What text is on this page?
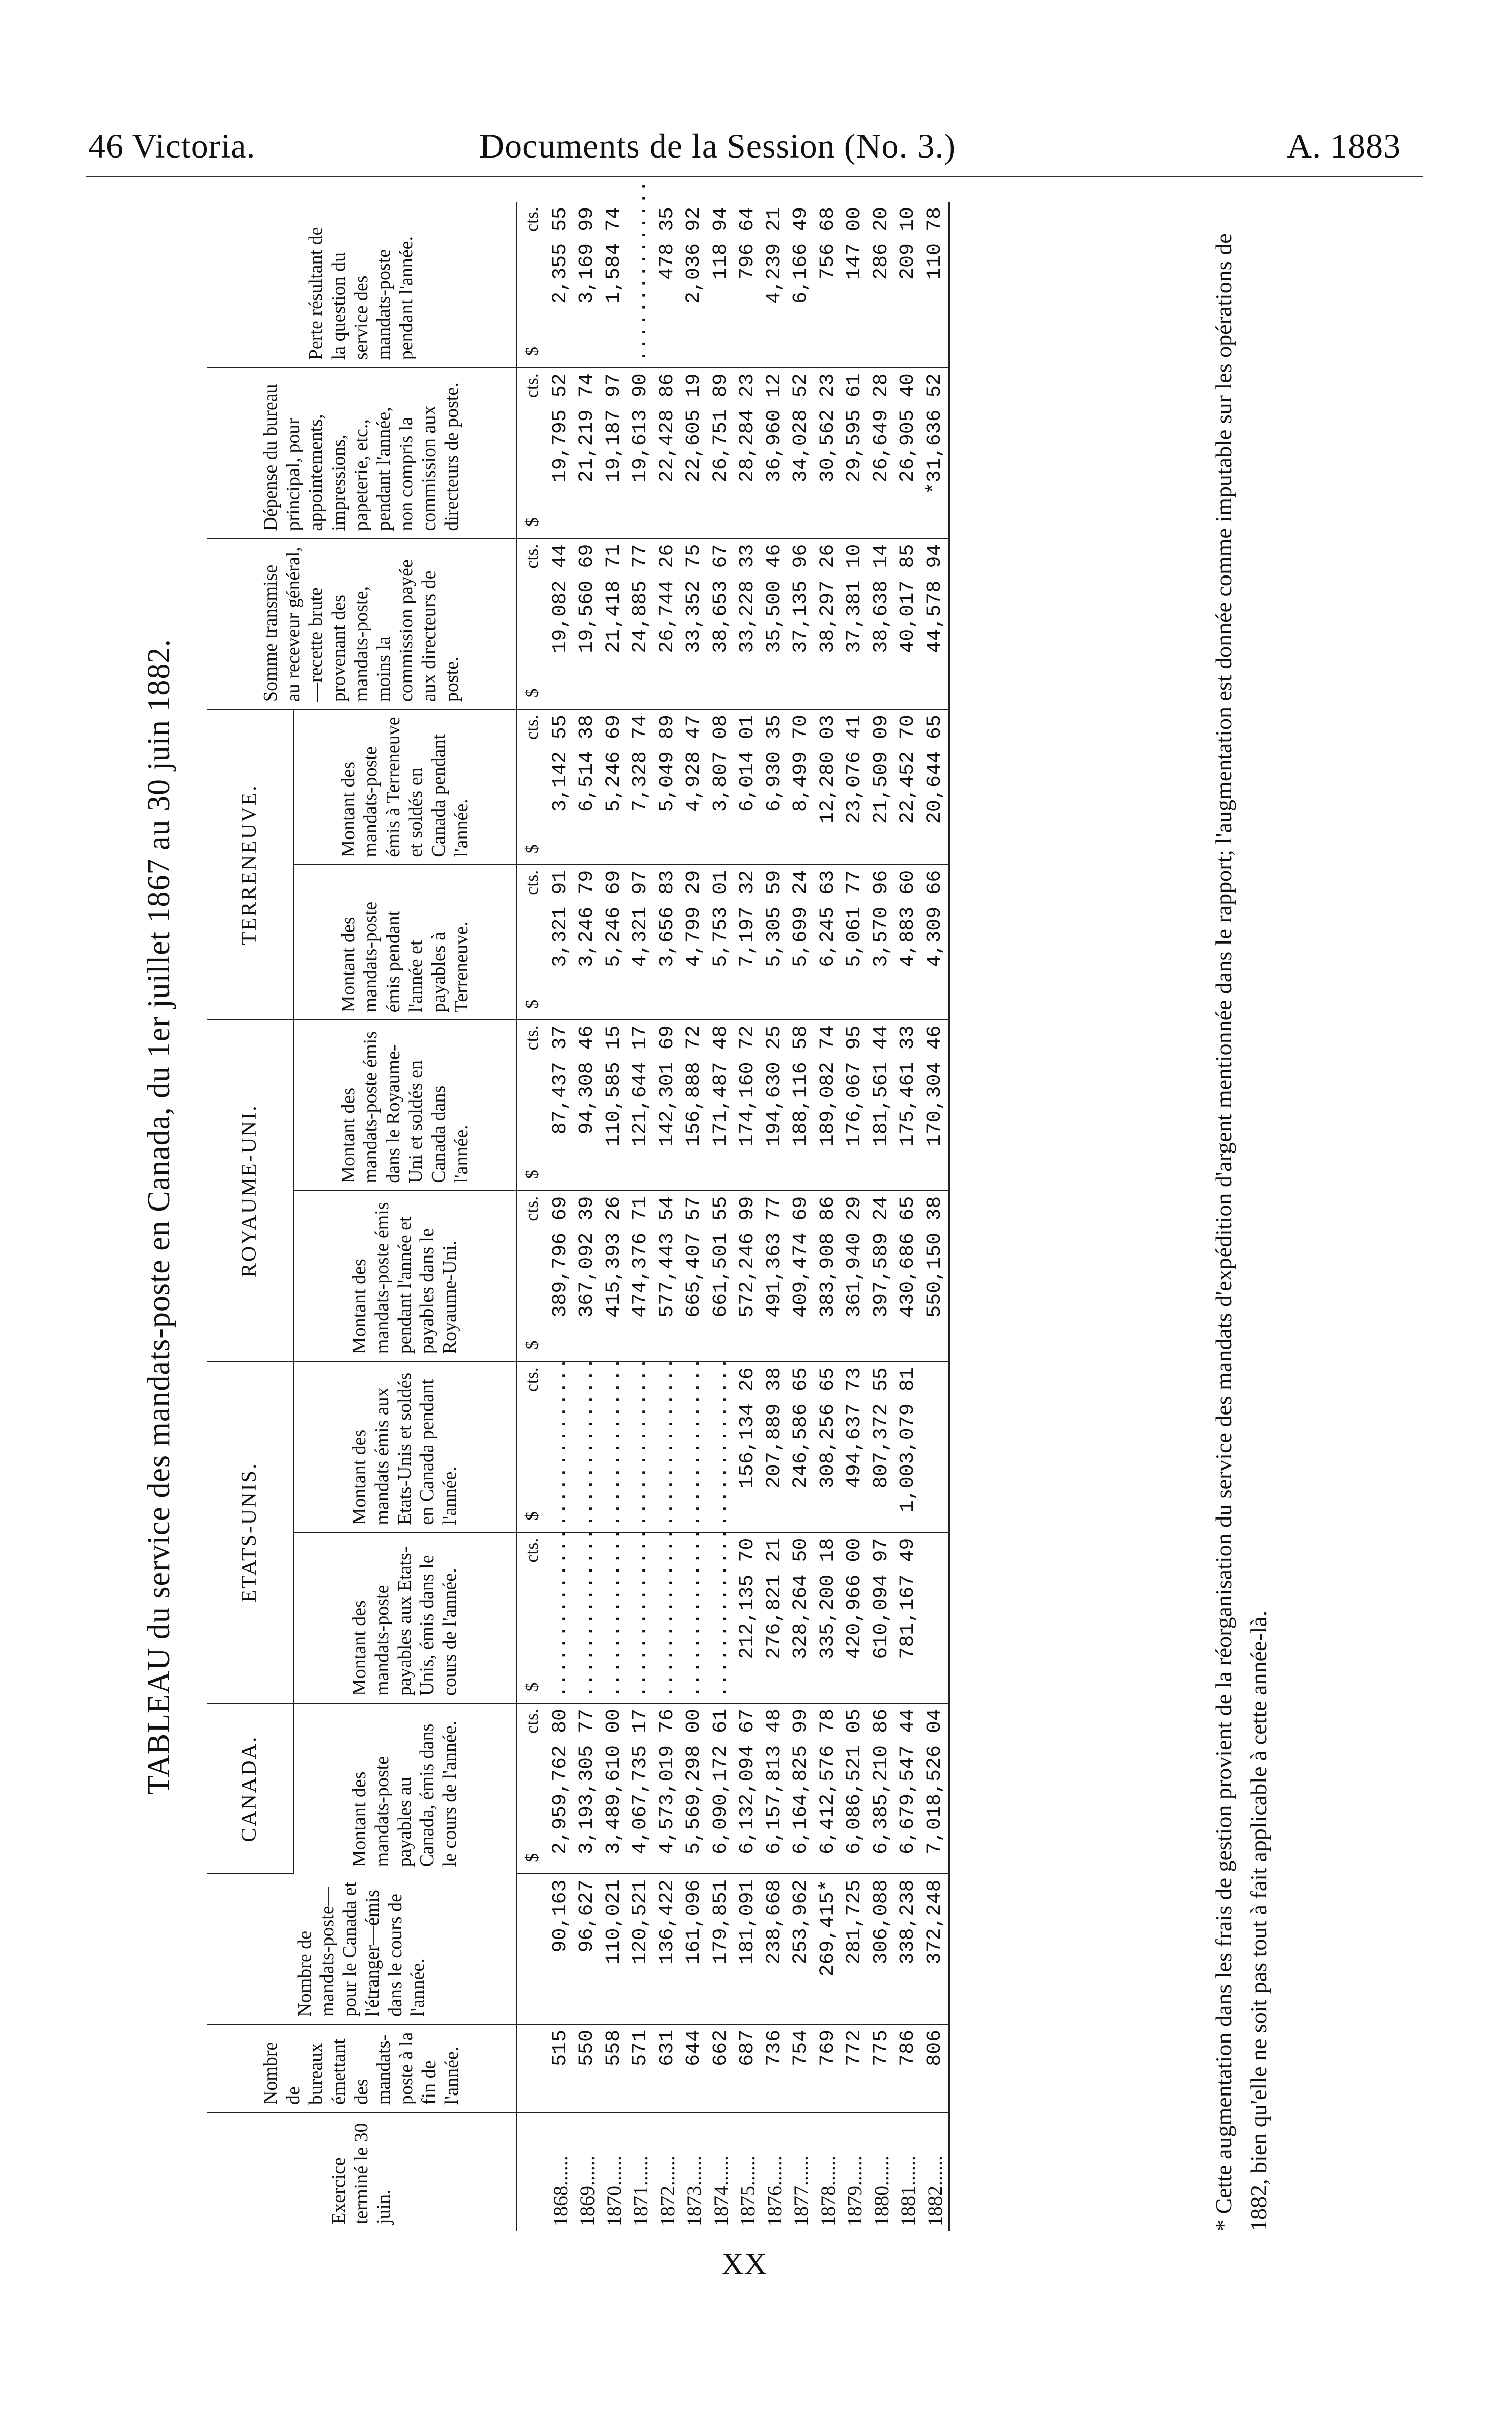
46 Victoria.	Documents de la Session (No. 3.)	A. 1883
TABLEAU du service des mandats-poste en Canada, du 1er juillet 1867 au 30 juin 1882.
Exercice terminé le 30 juin.	Nombre de bureaux émettant des mandats-poste à la fin de l'année.	Nombre de mandats-poste—pour le Canada et l'étranger—émis dans le cours de l'année.	CANADA.	ETATS-UNIS.		ROYAUME-UNI.		TERRENEUVE.		Somme transmise au receveur général,—recette brute provenant des mandats-poste, moins la commission payée aux directeurs de poste.	Dépense du bureau principal, pour appointements, impressions, papeterie, etc., pendant l'année, non compris la commission aux directeurs de poste.	Perte résultant de la question du service des mandats-poste pendant l'année.
			Montant des mandats-poste payables au Canada, émis dans le cours de l'année.	Montant des mandats-poste payables aux Etats-Unis, émis dans le cours de l'année.	Montant des mandats émis aux Etats-Unis et soldés en Canada pendant l'année.	Montant des mandats-poste émis pendant l'année et payables dans le Royaume-Uni.	Montant des mandats-poste émis dans le Royaume-Uni et soldés en Canada dans l'année.	Montant des mandats-poste émis pendant l'année et payables à Terreneuve.	Montant des mandats-poste émis à Terreneuve et soldés en Canada pendant l'année.			
			$cts.	$cts.	$cts.	$cts.	$cts.	$cts.	$cts.	$cts.	$cts.	$cts.
1868......	515	90,163	2,959,762 80	..............	..............	389,796 69	87,437 37	3,321 91	3,142 55	19,082 44	19,795 52	2,355 55
1869......	550	96,627	3,193,305 77	..............	..............	367,092 39	94,308 46	3,246 79	6,514 38	19,560 69	21,219 74	3,169 99
1870......	558	110,021	3,489,610 00	..............	..............	415,393 26	110,585 15	5,246 69	5,246 69	21,418 71	19,187 97	1,584 74
1871......	571	120,521	4,067,735 17	..............	..............	474,376 71	121,644 17	4,321 97	7,328 74	24,885 77	19,613 90	...............
1872......	631	136,422	4,573,019 76	..............	..............	577,443 54	142,301 69	3,656 83	5,049 89	26,744 26	22,428 86	478 35
1873......	644	161,096	5,569,298 00	..............	..............	665,407 57	156,888 72	4,799 29	4,928 47	33,352 75	22,605 19	2,036 92
1874......	662	179,851	6,090,172 61	..............	..............	661,501 55	171,487 48	5,753 01	3,807 08	38,653 67	26,751 89	118 94
1875......	687	181,091	6,132,094 67	212,135 70	156,134 26	572,246 99	174,160 72	7,197 32	6,014 01	33,228 33	28,284 23	796 64
1876......	736	238,668	6,157,813 48	276,821 21	207,889 38	491,363 77	194,630 25	5,305 59	6,930 35	35,500 46	36,960 12	4,239 21
1877......	754	253,962	6,164,825 99	328,264 50	246,586 65	409,474 69	188,116 58	5,699 24	8,499 70	37,135 96	34,028 52	6,166 49
1878......	769	269,415*	6,412,576 78	335,200 18	308,256 65	383,908 86	189,082 74	6,245 63	12,280 03	38,297 26	30,562 23	756 68
1879......	772	281,725	6,086,521 05	420,966 00	494,637 73	361,940 29	176,067 95	5,061 77	23,076 41	37,381 10	29,595 61	147 00
1880......	775	306,088	6,385,210 86	610,094 97	807,372 55	397,589 24	181,561 44	3,570 96	21,509 09	38,638 14	26,649 28	286 20
1881......	786	338,238	6,679,547 44	781,167 49	1,003,079 81	430,686 65	175,461 33	4,883 60	22,452 70	40,017 85	26,905 40	209 10
1882......	806	372,248	7,018,526 04			550,150 38	170,304 46	4,309 66	20,644 65	44,578 94	*31,636 52	110 78	* Cette augmentation dans les frais de gestion provient de la réorganisation du service des mandats d'expédition d'argent mentionnée dans le rapport; l'augmentation est donnée comme imputable sur les opérations de 1882, bien qu'elle ne soit pas tout à fait applicable à cette année-là.
XX
